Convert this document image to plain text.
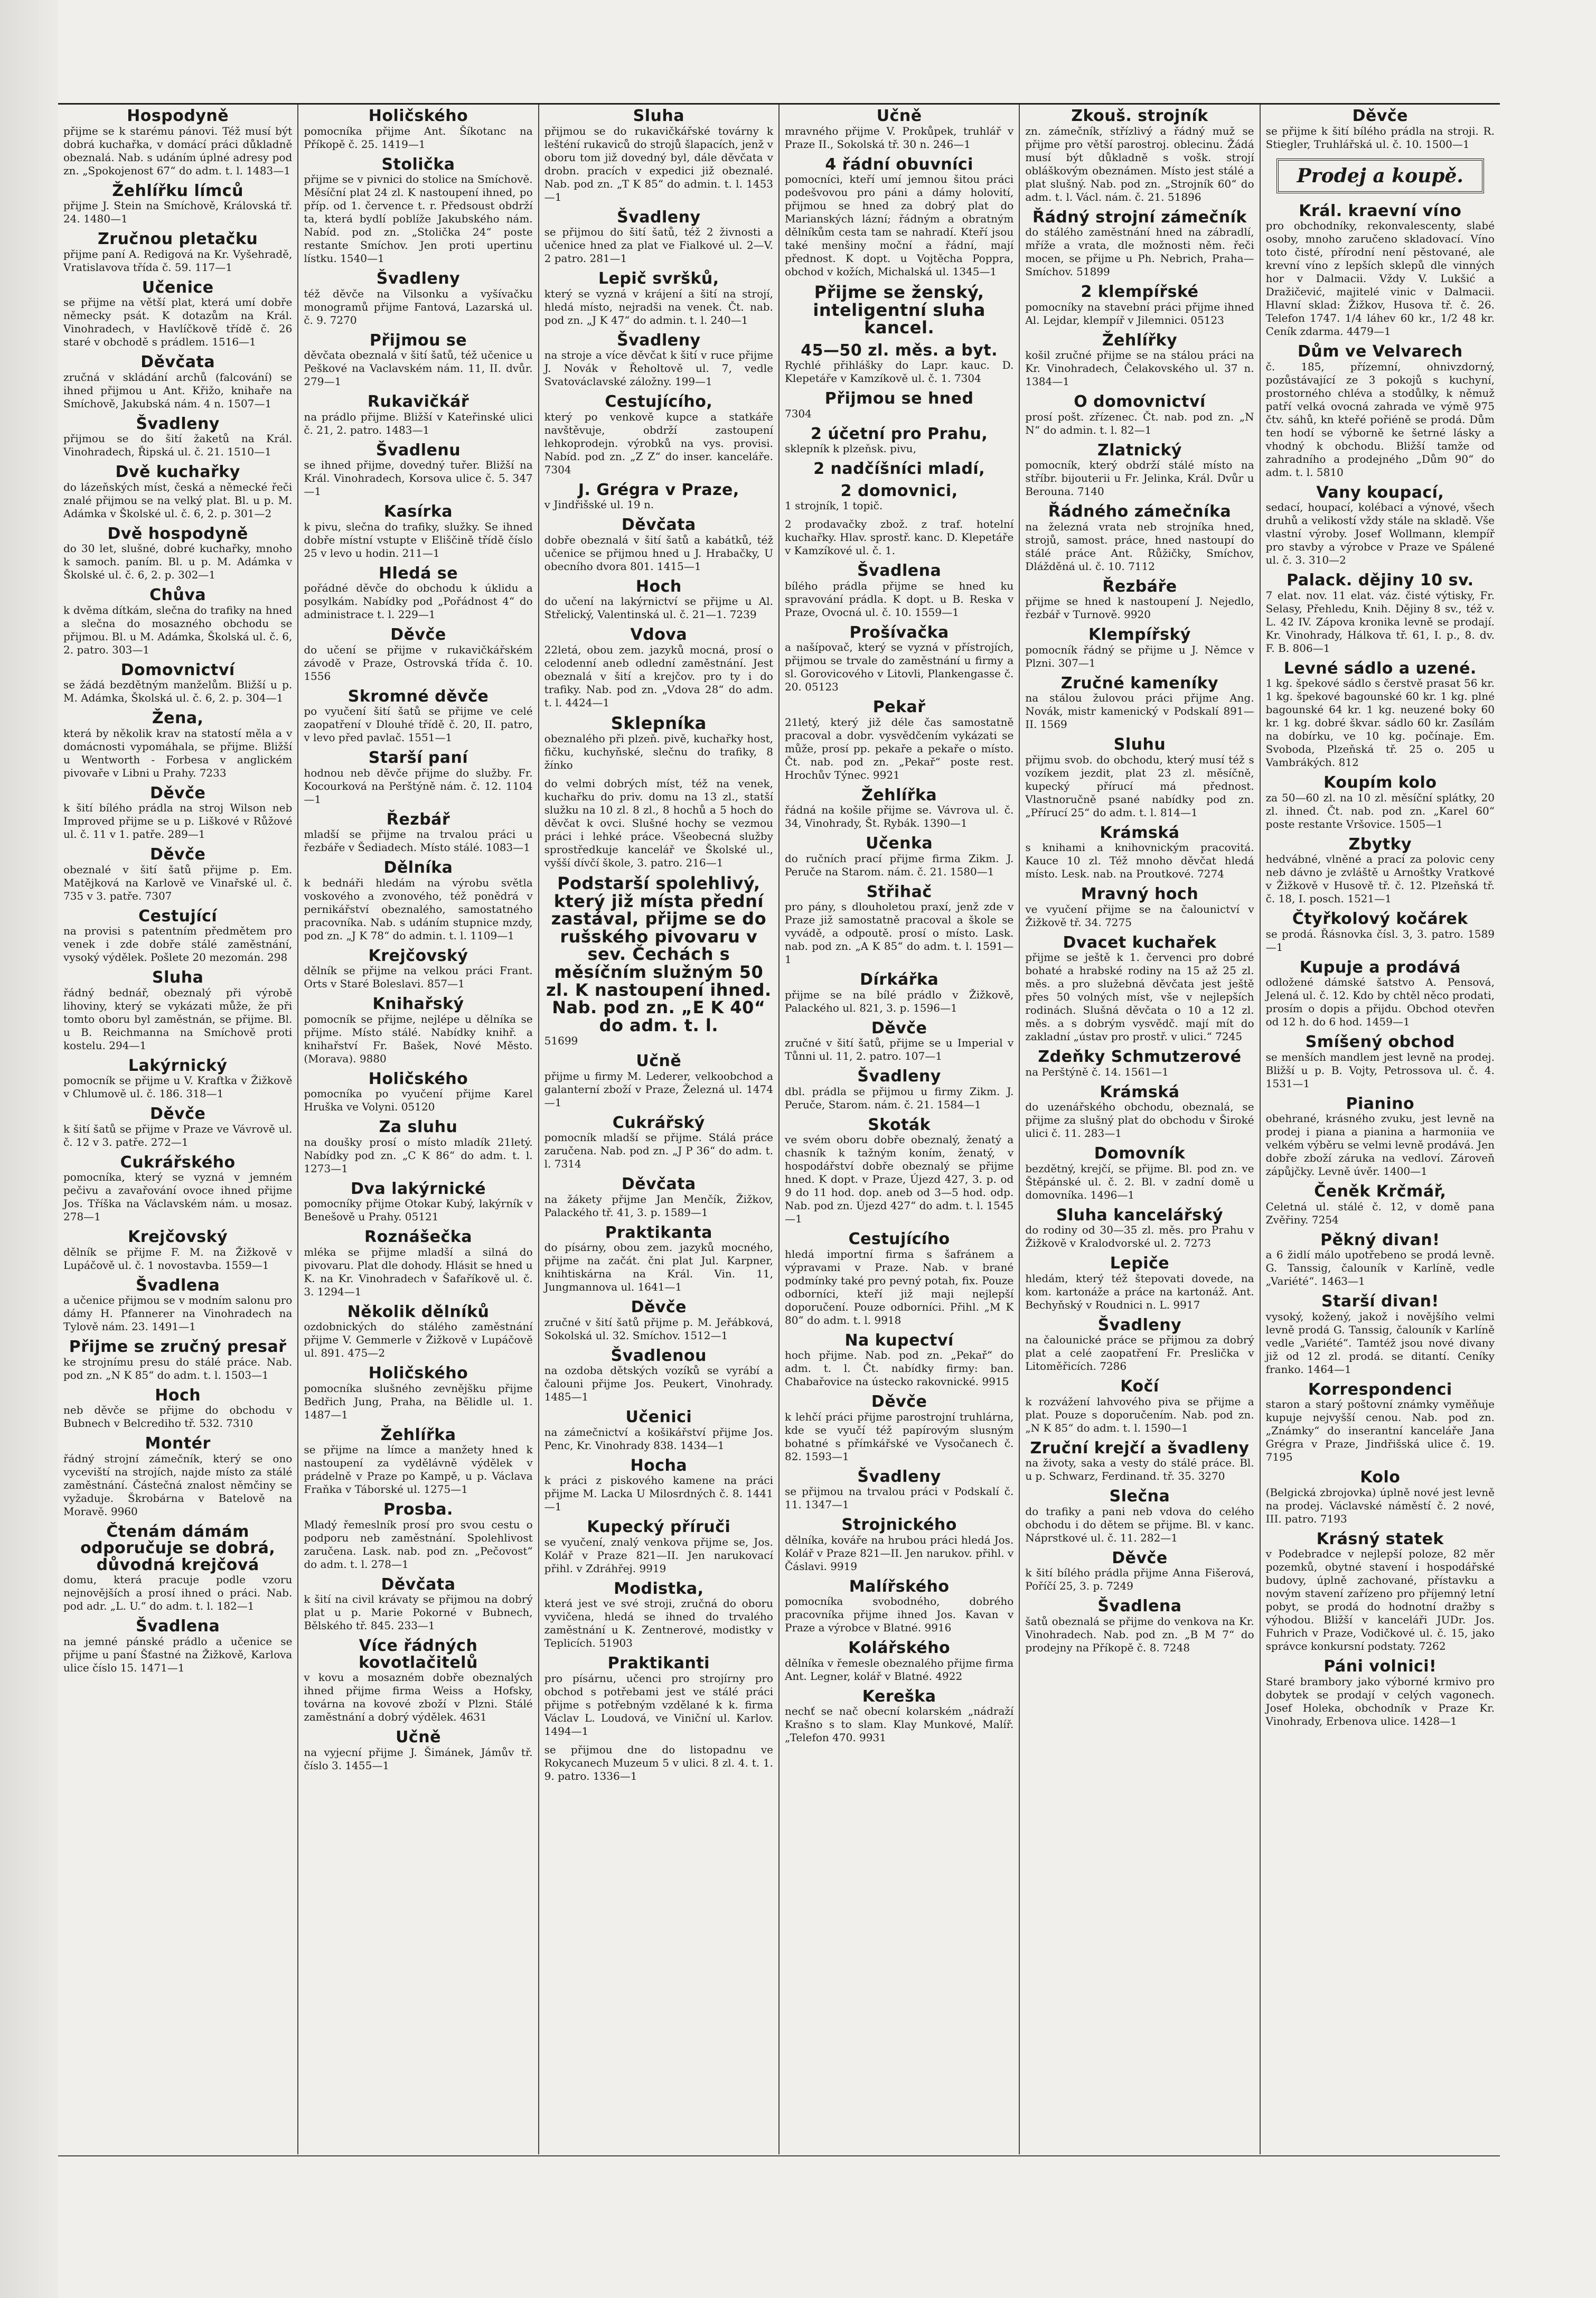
Hospodyně

přijme se k starému pánovi. Též musí být dobrá kuchařka, v domácí práci důkladně obeznalá. Nab. s udáním úplné adresy pod zn. „Spokojenost 67“ do adm. t. l. 1483—1

Žehlířku límců

přijme J. Stein na Smíchově, Královská tř. 24. 1480—1

Zručnou pletačku

přijme paní A. Redigová na Kr. Vyšehradě, Vratislavova třída č. 59. 117—1

Učenice

se přijme na větší plat, která umí dobře německy psát. K dotazům na Král. Vinohradech, v Havlíčkově třídě č. 26 staré v obchodě s prádlem. 1516—1

Děvčata

zručná v skládání archů (falcování) se ihned přijmou u Ant. Křižo, knihaře na Smíchově, Jakubská nám. 4 n. 1507—1

Švadleny

přijmou se do šití žaketů na Král. Vinohradech, Řipská ul. č. 21. 1510—1

Dvě kuchařky

do lázeňských míst, česká a německé řeči znalé přijmou se na velký plat. Bl. u p. M. Adámka v Školské ul. č. 6, 2. p. 301—2

Dvě hospodyně

do 30 let, slušné, dobré kuchařky, mnoho k samoch. paním. Bl. u p. M. Adámka v Školské ul. č. 6, 2. p. 302—1

Chůva

k dvěma dítkám, slečna do trafiky na hned a slečna do mosazného obchodu se přijmou. Bl. u M. Adámka, Školská ul. č. 6, 2. patro. 303—1

Domovnictví

se žádá bezdětným manželům. Bližší u p. M. Adámka, Školská ul. č. 6, 2. p. 304—1

Žena,

která by několik krav na statostí měla a v domácnosti vypomáhala, se přijme. Bližší u Wentworth - Forbesa v anglickém pivovaře v Libni u Prahy. 7233

Děvče

k šití bílého prádla na stroj Wilson neb Improved přijme se u p. Liškové v Růžové ul. č. 11 v 1. patře. 289—1

Děvče

obeznalé v šití šatů přijme p. Em. Matějková na Karlově ve Vinařské ul. č. 735 v 3. patře. 7307

Cestující

na provisi s patentním předmětem pro venek i zde dobře stálé zaměstnání, vysoký výdělek. Pošlete 20 mezomán. 298

Sluha

řádný bednář, obeznalý při výrobě lihoviny, který se vykázati může, že při tomto oboru byl zaměstnán, se přijme. Bl. u B. Reichmanna na Smíchově proti kostelu. 294—1

Lakýrnický

pomocník se přijme u V. Kraftka v Žižkově v Chlumově ul. č. 186. 318—1

Děvče

k šití šatů se přijme v Praze ve Vávrově ul. č. 12 v 3. patře. 272—1

Cukrářského

pomocníka, který se vyzná v jemném pečivu a zavařování ovoce ihned přijme Jos. Tříška na Václavském nám. u mosaz. 278—1

Krejčovský

dělník se přijme F. M. na Žižkově v Lupáčově ul. č. 1 novostavba. 1559—1

Švadlena

a učenice přijmou se v modním salonu pro dámy H. Pfannerer na Vinohradech na Tylově nám. 23. 1491—1

Přijme se zručný presař

ke strojnímu presu do stálé práce. Nab. pod zn. „N K 85“ do adm. t. l. 1503—1

Hoch

neb děvče se přijme do obchodu v Bubnech v Belcrediho tř. 532. 7310

Montér

řádný strojní zámečník, který se ono vyceviští na strojích, najde místo za stálé zaměstnání. Částečná znalost němčiny se vyžaduje. Škrobárna v Batelově na Moravě. 9960

Čtenám dámám odporučuje se dobrá, důvodná krejčová

domu, která pracuje podle vzoru nejnovějších a prosí ihned o práci. Nab. pod adr. „L. U.“ do adm. t. l. 182—1

Švadlena

na jemné pánské prádlo a učenice se přijme u paní Šťastné na Žižkově, Karlova ulice číslo 15. 1471—1

Holičského

pomocníka přijme Ant. Šíkotanc na Příkopě č. 25. 1419—1

Stolička

přijme se v pivnici do stolice na Smíchově. Měsíční plat 24 zl. K nastoupení ihned, po příp. od 1. července t. r. Předsoust obdrží ta, která bydlí poblíže Jakubského nám. Nabíd. pod zn. „Stolička 24“ poste restante Smíchov. Jen proti upertinu lístku. 1540—1

Švadleny

též děvče na Vilsonku a vyšívačku monogramů přijme Fantová, Lazarská ul. č. 9. 7270

Přijmou se

děvčata obeznalá v šití šatů, též učenice u Peškové na Vaclavském nám. 11, II. dvůr. 279—1

Rukavičkář

na prádlo přijme. Bližší v Kateřinské ulici č. 21, 2. patro. 1483—1

Švadlenu

se ihned přijme, dovedný tuřer. Bližší na Král. Vinohradech, Korsova ulice č. 5. 347—1

Kasírka

k pivu, slečna do trafiky, služky. Se ihned dobře místní vstupte v Eliščině třídě číslo 25 v levo u hodin. 211—1

Hledá se

pořádné děvče do obchodu k úklidu a posylkám. Nabídky pod „Pořádnost 4“ do administrace t. l. 229—1

Děvče

do učení se přijme v rukavičkářském závodě v Praze, Ostrovská třída č. 10. 1556

Skromné děvče

po vyučení šití šatů se přijme ve celé zaopatření v Dlouhé třídě č. 20, II. patro, v levo před pavlač. 1551—1

Starší paní

hodnou neb děvče přijme do služby. Fr. Kocourková na Perštýně nám. č. 12. 1104—1

Řezbář

mladší se přijme na trvalou práci u řezbáře v Šediadech. Místo stálé. 1083—1

Dělníka

k bednáři hledám na výrobu světla voskového a zvonového, též ponědrá v pernikářství obeznalého, samostatného pracovníka. Nab. s udáním stupnice mzdy, pod zn. „J K 78“ do admin. t. l. 1109—1

Krejčovský

dělník se přijme na velkou práci Frant. Orts v Staré Boleslavi. 857—1

Knihařský

pomocník se přijme, nejlépe u dělníka se přijme. Místo stálé. Nabídky knihř. a knihařství Fr. Bašek, Nové Město. (Morava). 9880

Holičského

pomocníka po vyučení přijme Karel Hruška ve Volyni. 05120

Za sluhu

na doušky prosí o místo mladík 21letý. Nabídky pod zn. „C K 86“ do adm. t. l. 1273—1

Dva lakýrnické

pomocníky přijme Otokar Kubý, lakýrník v Benešově u Prahy. 05121

Roznášečka

mléka se přijme mladší a silná do pivovaru. Plat dle dohody. Hlásit se hned u K. na Kr. Vinohradech v Šafaříkově ul. č. 3. 1294—1

Několik dělníků

ozdobnických do stálého zaměstnání přijme V. Gemmerle v Žižkově v Lupáčově ul. 891. 475—2

Holičského

pomocníka slušného zevnějšku přijme Bedřich Jung, Praha, na Bělidle ul. 1. 1487—1

Žehlířka

se přijme na límce a manžety hned k nastoupení za vydělávně výdělek v prádelně v Praze po Kampě, u p. Václava Fraňka v Táborské ul. 1275—1

Prosba.

Mladý řemeslník prosí pro svou cestu o podporu neb zaměstnání. Spolehlivost zaručena. Lask. nab. pod zn. „Pečovost“ do adm. t. l. 278—1

Děvčata

k šití na civil krávaty se přijmou na dobrý plat u p. Marie Pokorné v Bubnech, Bělského tř. 845. 233—1

Více řádných kovotlačitelů

v kovu a mosazném dobře obeznalých ihned přijme firma Weiss a Hofsky, továrna na kovové zboží v Plzni. Stálé zaměstnání a dobrý výdělek. 4631

Učně

na vyjecní přijme J. Šimánek, Jámův tř. číslo 3. 1455—1

Sluha

přijmou se do rukavičkářské továrny k lešténí rukaviců do strojů šlapacích, jenž v oboru tom již dovedný byl, dále děvčata v drobn. pracích v expedici již obeznalé. Nab. pod zn. „T K 85“ do admin. t. l. 1453—1

Švadleny

se přijmou do šití šatů, též 2 živnosti a učenice hned za plat ve Fialkové ul. 2—V. 2 patro. 281—1

Lepič svršků,

který se vyzná v krájení a šití na strojí, hledá místo, nejradši na venek. Čt. nab. pod zn. „J K 47“ do admin. t. l. 240—1

Švadleny

na stroje a více děvčat k šití v ruce přijme J. Novák v Řeholtově ul. 7, vedle Svatováclavské záložny. 199—1

Cestujícího,

který po venkově kupce a statkáře navštěvuje, obdrží zastoupení lehkoprodejn. výrobků na vys. provisi. Nabíd. pod zn. „Z Z“ do inser. kanceláře. 7304

J. Grégra v Praze,

v Jindřišské ul. 19 n.

Děvčata

dobře obeznalá v šití šatů a kabátků, též učenice se přijmou hned u J. Hrabačky, U obecního dvora 801. 1415—1

Hoch

do učení na lakýrnictví se přijme u Al. Střelický, Valentinská ul. č. 21—1. 7239

Vdova

22letá, obou zem. jazyků mocná, prosí o celodenní aneb odlední zaměstnání. Jest obeznalá v šití a krejčov. pro ty i do trafiky. Nab. pod zn. „Vdova 28“ do adm. t. l. 4424—1

Sklepníka

obeznalého při plzeň. pivě, kuchařky host, fičku, kuchyňské, slečnu do trafiky, 8 žínko

do velmi dobrých míst, též na venek, kuchařku do priv. domu na 13 zl., statší služku na 10 zl. 8 zl., 8 hochů a 5 hoch do děvčat k ovci. Slušné hochy se vezmou práci i lehké práce. Všeobecná služby sprostředkuje kancelář ve Školské ul., vyšší dívčí škole, 3. patro. 216—1

Podstarší spolehlivý, který již místa přední zastával, přijme se do rušského pivovaru v sev. Čechách s měsíčním služným 50 zl. K nastoupení ihned. Nab. pod zn. „E K 40“ do adm. t. l.

51699

Učně

přijme u firmy M. Lederer, velkoobchod a galanterní zboží v Praze, Železná ul. 1474—1

Cukrářský

pomocník mladší se přijme. Stálá práce zaručena. Nab. pod zn. „J P 36“ do adm. t. l. 7314

Děvčata

na žákety přijme Jan Menčík, Žižkov, Palackého tř. 41, 3. p. 1589—1

Praktikanta

do písárny, obou zem. jazyků mocného, přijme na začát. čni plat Jul. Karpner, knihtiskárna na Král. Vin. 11, Jungmannova ul. 1641—1

Děvče

zručné v šití šatů přijme p. M. Jeřábková, Sokolská ul. 32. Smíchov. 1512—1

Švadlenou

na ozdoba dětských vozíků se vyrábí a čalouni přijme Jos. Peukert, Vinohrady. 1485—1

Učenici

na zámečnictví a košikářství přijme Jos. Penc, Kr. Vinohrady 838. 1434—1

Hocha

k práci z piskového kamene na práci přijme M. Lacka U Milosrdných č. 8. 1441—1

Kupecký příruči

se vyučení, znalý venkova přijme se, Jos. Kolář v Praze 821—II. Jen narukovací přihl. v Zdráhřej. 9919

Modistka,

která jest ve své stroji, zručná do oboru vyvičena, hledá se ihned do trvalého zaměstnání u K. Zentnerové, modistky v Teplicích. 51903

Praktikanti

pro písárnu, učenci pro strojírny pro obchod s potřebami jest ve stálé práci přijme s potřebným vzdělané k k. firma Václav L. Loudová, ve Viniční ul. Karlov. 1494—1

se přijmou dne do listopadnu ve Rokycanech Muzeum 5 v ulici. 8 zl. 4. t. 1. 9. patro. 1336—1

Učně

mravného přijme V. Prokůpek, truhlář v Praze II., Sokolská tř. 30 n. 246—1

4 řádní obuvníci

pomocníci, kteří umí jemnou šitou práci podešvovou pro páni a dámy holovití, přijmou se hned za dobrý plat do Marianských lázní; řádným a obratným dělníkům cesta tam se nahradí. Kteří jsou také menšiny moční a řádní, mají přednost. K dopt. u Vojtěcha Poppra, obchod v kožích, Michalská ul. 1345—1

Přijme se ženský, inteligentní sluha kancel.
45—50 zl. měs. a byt.

Rychlé přihlášky do Lapr. kauc. D. Klepetáře v Kamzíkově ul. č. 1. 7304

Přijmou se hned

7304

2 účetní pro Prahu,

sklepník k plzeňsk. pivu,

2 nadčíšníci mladí,
2 domovnici,

1 strojník, 1 topič.

2 prodavačky zbož. z traf. hotelní kuchařky. Hlav. sprostř. kanc. D. Klepetáře v Kamzíkové ul. č. 1.

Švadlena

bílého prádla přijme se hned ku spravování prádla. K dopt. u B. Reska v Praze, Ovocná ul. č. 10. 1559—1

Prošívačka

a našípovač, který se vyzná v přístrojích, přijmou se trvale do zaměstnání u firmy a sl. Gorovicového v Litovli, Plankengasse č. 20. 05123

Pekař

21letý, který již déle čas samostatně pracoval a dobr. vysvědčením vykázati se může, prosí pp. pekaře a pekaře o místo. Čt. nab. pod zn. „Pekař“ poste rest. Hrochův Týnec. 9921

Žehlířka

řádná na košile přijme se. Vávrova ul. č. 34, Vinohrady, Št. Rybák. 1390—1

Učenka

do ručních prací přijme firma Zikm. J. Peruče na Starom. nám. č. 21. 1580—1

Střihač

pro pány, s dlouholetou praxí, jenž zde v Praze již samostatně pracoval a škole se vyvádě, a odpoutě. prosí o místo. Lask. nab. pod zn. „A K 85“ do adm. t. l. 1591—1

Dírkářka

přijme se na bílé prádlo v Žižkově, Palackého ul. 821, 3. p. 1596—1

Děvče

zručné v šití šatů, přijme se u Imperial v Tůnni ul. 11, 2. patro. 107—1

Švadleny

dbl. prádla se přijmou u firmy Zikm. J. Peruče, Starom. nám. č. 21. 1584—1

Skoták

ve svém oboru dobře obeznalý, ženatý a chasník k tažným koním, ženatý, v hospodářství dobře obeznalý se přijme hned. K dopt. v Praze, Újezd 427, 3. p. od 9 do 11 hod. dop. aneb od 3—5 hod. odp. Nab. pod zn. Újezd 427“ do adm. t. l. 1545—1

Cestujícího

hledá importní firma s šafránem a výpravami v Praze. Nab. v brané podmínky také pro pevný potah, fix. Pouze odborníci, kteří již maji nejlepší doporučení. Pouze odborníci. Přihl. „M K 80“ do adm. t. l. 9918

Na kupectví

hoch přijme. Nab. pod zn. „Pekař“ do adm. t. l. Čt. nabídky firmy: ban. Chabařovice na ústecko rakovnické. 9915

Děvče

k lehčí práci přijme parostrojní truhlárna, kde se vyučí též papírovým slusným bohatné s přímkářské ve Vysočanech č. 82. 1593—1

Švadleny

se přijmou na trvalou práci v Podskalí č. 11. 1347—1

Strojnického

dělníka, kováře na hrubou práci hledá Jos. Kolář v Praze 821—II. Jen narukov. přihl. v Čáslavi. 9919

Malířského

pomocníka svobodného, dobrého pracovníka přijme ihned Jos. Kavan v Praze a výrobce v Blatné. 9916

Kolářského

dělníka v řemesle obeznalého přijme firma Ant. Legner, kolář v Blatné. 4922

Kereška

nechť se nač obecní kolarském „nádraží Krašno s to slam. Klay Munkové, Malíř. „Telefon 470. 9931

Zkouš. strojník

zn. zámečník, střízlivý a řádný muž se přijme pro větší parostroj. oblecinu. Žádá musí být důkladně s vošk. strojí obláškovým obeznámen. Místo jest stálé a plat slušný. Nab. pod zn. „Strojník 60“ do adm. t. l. Václ. nám. č. 21. 51896

Řádný strojní zámečník

do stálého zaměstnání hned na zábradlí, mříže a vrata, dle možnosti něm. řeči mocen, se přijme u Ph. Nebrich, Praha—Smíchov. 51899

2 klempířské

pomocníky na stavební práci přijme ihned Al. Lejdar, klempíř v Jilemnici. 05123

Žehlířky

košil zručné přijme se na stálou práci na Kr. Vinohradech, Čelakovského ul. 37 n. 1384—1

O domovnictví

prosí pošt. zřízenec. Čt. nab. pod zn. „N N“ do admin. t. l. 82—1

Zlatnický

pomocník, který obdrží stálé místo na stříbr. bijouterii u Fr. Jelinka, Král. Dvůr u Berouna. 7140

Řádného zámečníka

na železná vrata neb strojníka hned, strojů, samost. práce, hned nastoupí do stálé práce Ant. Růžičky, Smíchov, Dlážděná ul. č. 10. 7112

Řezbáře

přijme se hned k nastoupení J. Nejedlo, řezbář v Turnově. 9920

Klempířský

pomocník řádný se přijme u J. Němce v Plzni. 307—1

Zručné kameníky

na stálou žulovou práci přijme Ang. Novák, mistr kamenický v Podskalí 891—II. 1569

Sluhu

přijmu svob. do obchodu, který musí též s vozíkem jezdit, plat 23 zl. měsíčně, kupecký přírucí má přednost. Vlastnoručně psané nabídky pod zn. „Přírucí 25“ do adm. t. l. 814—1

Krámská

s knihami a knihovnickým pracovitá. Kauce 10 zl. Též mnoho děvčat hledá místo. Lesk. nab. na Proutkové. 7274

Mravný hoch

ve vyučení přijme se na čalounictví v Žižkově tř. 34. 7275

Dvacet kuchařek

přijme se ještě k 1. červenci pro dobré bohaté a hrabské rodiny na 15 až 25 zl. měs. a pro služebná děvčata jest ještě přes 50 volných míst, vše v nejlepších rodinách. Slušná děvčata o 10 a 12 zl. měs. a s dobrým vysvědč. mají mít do zakladní „ústav pro prostř. v ulici.“ 7245

Zdeňky Schmutzerové

na Perštýně č. 14. 1561—1

Krámská

do uzenářského obchodu, obeznalá, se přijme za slušný plat do obchodu v Široké ulici č. 11. 283—1

Domovník

bezdětný, krejčí, se přijme. Bl. pod zn. ve Štěpánské ul. č. 2. Bl. v zadní domě u domovníka. 1496—1

Sluha kancelářský

do rodiny od 30—35 zl. měs. pro Prahu v Žižkově v Kralodvorské ul. 2. 7273

Lepiče

hledám, který též štepovati dovede, na kom. kartonáže a práce na kartonáž. Ant. Bechyňský v Roudnici n. L. 9917

Švadleny

na čalounické práce se přijmou za dobrý plat a celé zaopatření Fr. Preslička v Litoměřicích. 7286

Kočí

k rozvážení lahvového piva se přijme a plat. Pouze s doporučením. Nab. pod zn. „N K 85“ do adm. t. l. 1590—1

Zruční krejčí a švadleny

na životy, saka a vesty do stálé práce. Bl. u p. Schwarz, Ferdinand. tř. 35. 3270

Slečna

do trafiky a pani neb vdova do celého obchodu i do dětem se přijme. Bl. v kanc. Náprstkové ul. č. 11. 282—1

Děvče

k šití bílého prádla přijme Anna Fišerová, Poříčí 25, 3. p. 7249

Švadlena

šatů obeznalá se přijme do venkova na Kr. Vinohradech. Nab. pod zn. „B M 7“ do prodejny na Příkopě č. 8. 7248

Děvče

se přijme k šití bílého prádla na stroji. R. Stiegler, Truhlářská ul. č. 10. 1500—1

Prodej a koupě.
Král. kraevní víno

pro obchodníky, rekonvalescenty, slabé osoby, mnoho zaručeno skladovací. Víno toto čisté, přírodní není pěstované, ale krevní víno z lepších sklepů dle vinných hor v Dalmacii. Vždy V. Lukšić a Dražičević, majitelé vinic v Dalmacii. Hlavní sklad: Žižkov, Husova tř. č. 26. Telefon 1747. 1/4 láhev 60 kr., 1/2 48 kr. Ceník zdarma. 4479—1

Dům ve Velvarech

č. 185, přízemní, ohnivzdorný, pozůstávající ze 3 pokojů s kuchyní, prostorného chléva a stodůlky, k němuž patří velká ovocná zahrada ve výmě 975 čtv. sáhů, kn kteřé pořiéně se prodá. Dům ten hodí se výborně ke šetrné lásky a vhodný k obchodu. Bližší tamže od zahradního a prodejného „Dům 90“ do adm. t. l. 5810

Vany koupací,

sedací, houpací, kolébací a výnové, všech druhů a velikostí vždy stále na skladě. Vše vlastní výroby. Josef Wollmann, klempíř pro stavby a výrobce v Praze ve Spálené ul. č. 3. 310—2

Palack. dějiny 10 sv.

7 elat. nov. 11 elat. váz. čisté výtisky, Fr. Selasy, Přehledu, Knih. Dějiny 8 sv., též v. L. 42 IV. Zápova kronika levně se prodají. Kr. Vinohrady, Hálkova tř. 61, I. p., 8. dv. F. B. 806—1

Levné sádlo a uzené.

1 kg. špekové sádlo s čerstvě prasat 56 kr. 1 kg. špekové bagounské 60 kr. 1 kg. plné bagounské 64 kr. 1 kg. neuzené boky 60 kr. 1 kg. dobré škvar. sádlo 60 kr. Zasílám na dobírku, ve 10 kg. počínaje. Em. Svoboda, Plzeňská tř. 25 o. 205 u Vambrákých. 812

Koupím kolo

za 50—60 zl. na 10 zl. měsíční splátky, 20 zl. ihned. Čt. nab. pod zn. „Karel 60“ poste restante Vršovice. 1505—1

Zbytky

hedvábné, vlněné a prací za polovic ceny neb dávno je zvláště u Arnoštky Vratkové v Žižkově v Husově tř. č. 12. Plzeňská tř. č. 18, I. posch. 1521—1

Čtyřkolový kočárek

se prodá. Řásnovka čísl. 3, 3. patro. 1589—1

Kupuje a prodává

odložené dámské šatstvo A. Pensová, Jelená ul. č. 12. Kdo by chtěl něco prodati, prosím o dopis a přijdu. Obchod otevřen od 12 h. do 6 hod. 1459—1

Smíšený obchod

se menších mandlem jest levně na prodej. Bližší u p. B. Vojty, Petrossova ul. č. 4. 1531—1

Pianino

obehrané, krásného zvuku, jest levně na prodej i piana a pianina a harmoniia ve velkém výběru se velmi levně prodává. Jen dobře zboží záruka na vedloví. Zároveň zápůjčky. Levně úvěr. 1400—1

Čeněk Krčmář,

Celetná ul. stálé č. 12, v domě pana Zvěřiny. 7254

Pěkný divan!

a 6 židlí málo upotřebeno se prodá levně. G. Tanssig, čalouník v Karlíně, vedle „Variété“. 1463—1

Starší divan!

vysoký, kožený, jakož i novějšího velmi levně prodá G. Tanssig, čalouník v Karlíně vedle „Variété“. Tamtéž jsou nové divany již od 12 zl. prodá. se ditantí. Ceníky franko. 1464—1

Korrespondenci

staron a starý poštovní známky vyměňuje kupuje nejvyšší cenou. Nab. pod zn. „Známky“ do inserantní kanceláře Jana Grégra v Praze, Jindřišská ulice č. 19. 7195

Kolo

(Belgická zbrojovka) úplně nové jest levně na prodej. Václavské náměstí č. 2 nové, III. patro. 7193

Krásný statek

v Podebradce v nejlepší poloze, 82 měr pozemků, obytné stavení i hospodářské budovy, úplně zachované, přístavku a novým stavení zařízeno pro příjemný letní pobyt, se prodá do hodnotní dražby s výhodou. Bližší v kanceláři JUDr. Jos. Fuhrich v Praze, Vodičkové ul. č. 15, jako správce konkursní podstaty. 7262

Páni volnici!

Staré brambory jako výborné krmivo pro dobytek se prodají v celých vagonech. Josef Holeka, obchodník v Praze Kr. Vinohrady, Erbenova ulice. 1428—1
